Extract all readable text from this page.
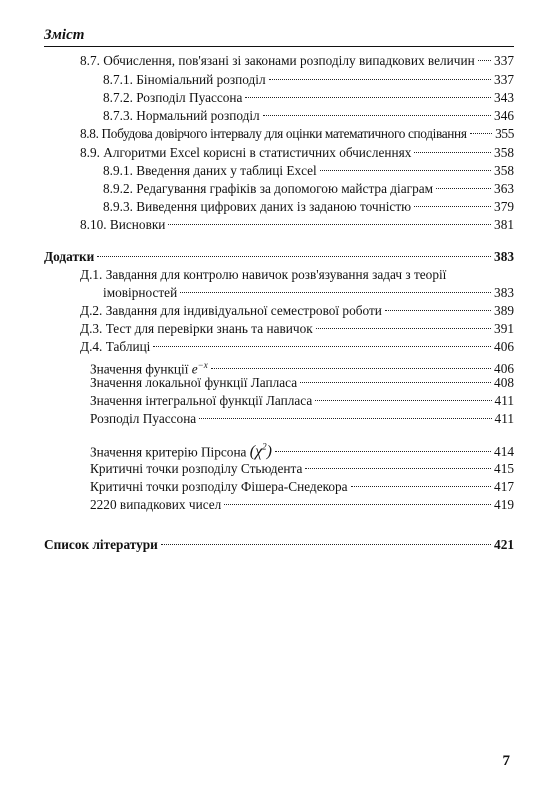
Зміст
8.7. Обчислення, пов'язані зі законами розподілу випадкових величин 337
8.7.1. Біноміальний розподіл	337
8.7.2. Розподіл Пуассона	343
8.7.3. Нормальний розподіл	346
8.8. Побудова довірчого інтервалу для оцінки математичного сподівання 355
8.9. Алгоритми Excel корисні в статистичних обчисленнях	358
8.9.1. Введення даних у таблиці Excel	358
8.9.2. Редагування графіків за допомогою майстра діаграм	363
8.9.3. Виведення цифрових даних із заданою точністю	379
8.10. Висновки	381
Додатки	383
Д.1. Завдання для контролю навичок розв'язування задач з теорії
імовірностей	383
Д.2. Завдання для індивідуальної семестрової роботи	389
Д.3. Тест для перевірки знань та навичок	391
Д.4. Таблиці	406
Значення функції $e^{-x}$	406
Значення локальної функції Лапласа	408
Значення інтегральної функції Лапласа	411
Розподіл Пуассона	411
Значення критерію Пірсона $(\chi^2)$	414
Критичні точки розподілу Стьюдента	415
Критичні точки розподілу Фішера-Снедекора	417
2220 випадкових чисел	419
Список літератури	421
7
